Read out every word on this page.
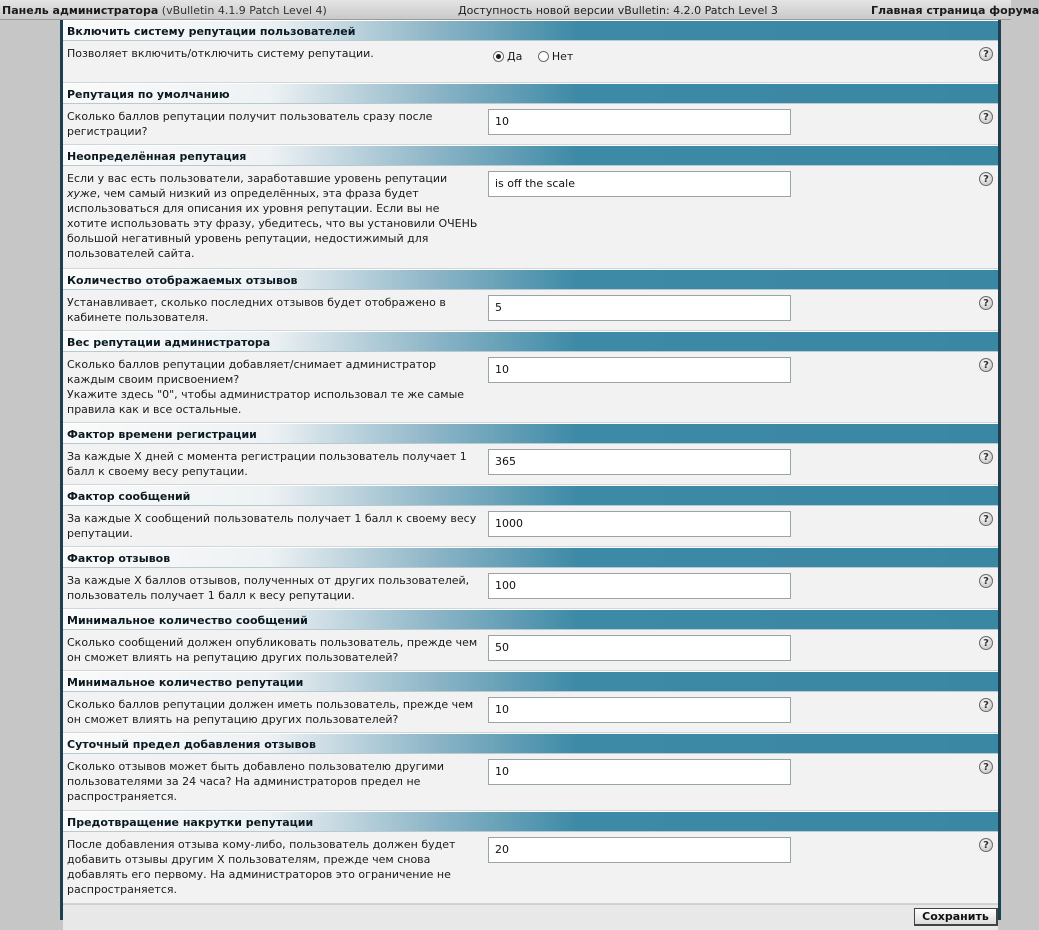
Панель администратора (vBulletin 4.1.9 Patch Level 4)	Доступность новой версии vBulletin: 4.2.0 Patch Level 3	Главная страница форума
Включить систему репутации пользователей
Позволяет включить/отключить систему репутации.	Да	Нет	?
Репутация по умолчанию
Сколько баллов репутации получит пользователь сразу после регистрации?
10	?
Неопределённая репутация
Если у вас есть пользователи, заработавшие уровень репутации хуже, чем самый низкий из определённых, эта фраза будет использоваться для описания их уровня репутации. Если вы не хотите использовать эту фразу, убедитесь, что вы установили ОЧЕНЬ большой негативный уровень репутации, недостижимый для пользователей сайта.
is off the scale	?
Количество отображаемых отзывов
Устанавливает, сколько последних отзывов будет отображено в кабинете пользователя.
5	?
Вес репутации администратора
Сколько баллов репутации добавляет/снимает администратор каждым своим присвоением?
Укажите здесь "0", чтобы администратор использовал те же самые правила как и все остальные.
10	?
Фактор времени регистрации
За каждые X дней с момента регистрации пользователь получает 1 балл к своему весу репутации.
365	?
Фактор сообщений
За каждые X сообщений пользователь получает 1 балл к своему весу репутации.
1000	?
Фактор отзывов
За каждые X баллов отзывов, полученных от других пользователей, пользователь получает 1 балл к весу репутации.
100	?
Минимальное количество сообщений
Сколько сообщений должен опубликовать пользователь, прежде чем он сможет влиять на репутацию других пользователей?
50	?
Минимальное количество репутации
Сколько баллов репутации должен иметь пользователь, прежде чем он сможет влиять на репутацию других пользователей?
10	?
Суточный предел добавления отзывов
Сколько отзывов может быть добавлено пользователю другими пользователями за 24 часа? На администраторов предел не распространяется.
10	?
Предотвращение накрутки репутации
После добавления отзыва кому-либо, пользователь должен будет добавить отзывы другим X пользователям, прежде чем снова добавлять его первому. На администраторов это ограничение не распространяется.
20	?
Сохранить
